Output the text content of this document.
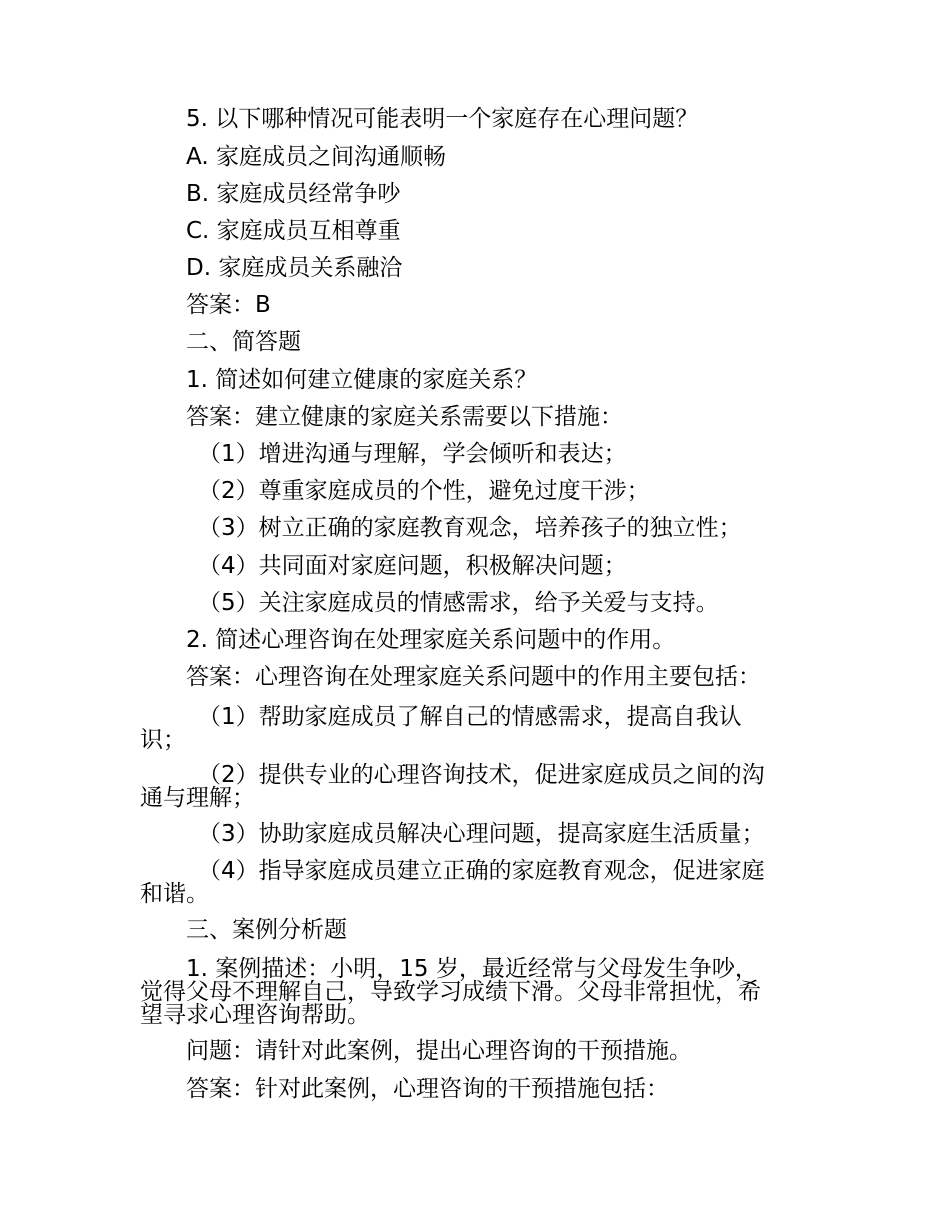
5. 以下哪种情况可能表明一个家庭存在心理问题？
A. 家庭成员之间沟通顺畅
B. 家庭成员经常争吵
C. 家庭成员互相尊重
D. 家庭成员关系融洽
答案：B
二、简答题
1. 简述如何建立健康的家庭关系？
答案：建立健康的家庭关系需要以下措施：
（1）增进沟通与理解，学会倾听和表达；
（2）尊重家庭成员的个性，避免过度干涉；
（3）树立正确的家庭教育观念，培养孩子的独立性；
（4）共同面对家庭问题，积极解决问题；
（5）关注家庭成员的情感需求，给予关爱与支持。
2. 简述心理咨询在处理家庭关系问题中的作用。
答案：心理咨询在处理家庭关系问题中的作用主要包括：
（1）帮助家庭成员了解自己的情感需求，提高自我认
识；
（2）提供专业的心理咨询技术，促进家庭成员之间的沟
通与理解；
（3）协助家庭成员解决心理问题，提高家庭生活质量；
（4）指导家庭成员建立正确的家庭教育观念，促进家庭
和谐。
三、案例分析题
1. 案例描述：小明，15 岁，最近经常与父母发生争吵，
觉得父母不理解自己，导致学习成绩下滑。父母非常担忧，希
望寻求心理咨询帮助。
问题：请针对此案例，提出心理咨询的干预措施。
答案：针对此案例，心理咨询的干预措施包括：
